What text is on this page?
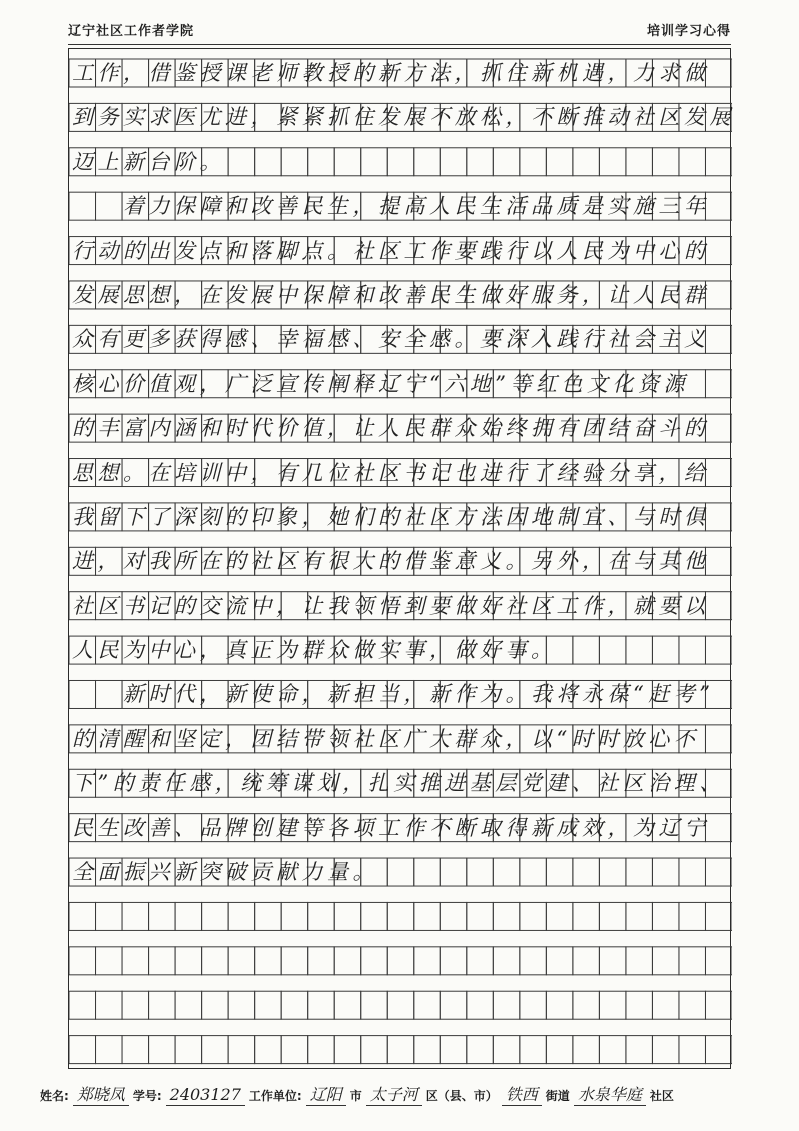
辽宁社区工作者学院	培训学习心得
工作，借鉴授课老师教授的新方法，抓住新机遇，力求做
到务实求医尤进，紧紧抓住发展不放松，不断推动社区发展
迈上新台阶。
　　着力保障和改善民生，提高人民生活品质是实施三年
行动的出发点和落脚点。社区工作要践行以人民为中心的
发展思想，在发展中保障和改善民生做好服务，让人民群
众有更多获得感、幸福感、安全感。要深入践行社会主义
核心价值观，广泛宣传阐释辽宁“六地”等红色文化资源
的丰富内涵和时代价值，让人民群众始终拥有团结奋斗的
思想。在培训中，有几位社区书记也进行了经验分享，给
我留下了深刻的印象，她们的社区方法因地制宜、与时俱
进，对我所在的社区有很大的借鉴意义。另外，在与其他
社区书记的交流中，让我领悟到要做好社区工作，就要以
人民为中心，真正为群众做实事，做好事。
　　新时代，新使命，新担当，新作为。我将永葆“赶考”
的清醒和坚定，团结带领社区广大群众，以“时时放心不
下”的责任感，统筹谋划，扎实推进基层党建、社区治理、
民生改善、品牌创建等各项工作不断取得新成效，为辽宁
全面振兴新突破贡献力量。
姓名: 郑晓凤 学号: 2403127 工作单位: 辽阳 市 太子河 区（县、市） 铁西 街道 水泉华庭 社区
